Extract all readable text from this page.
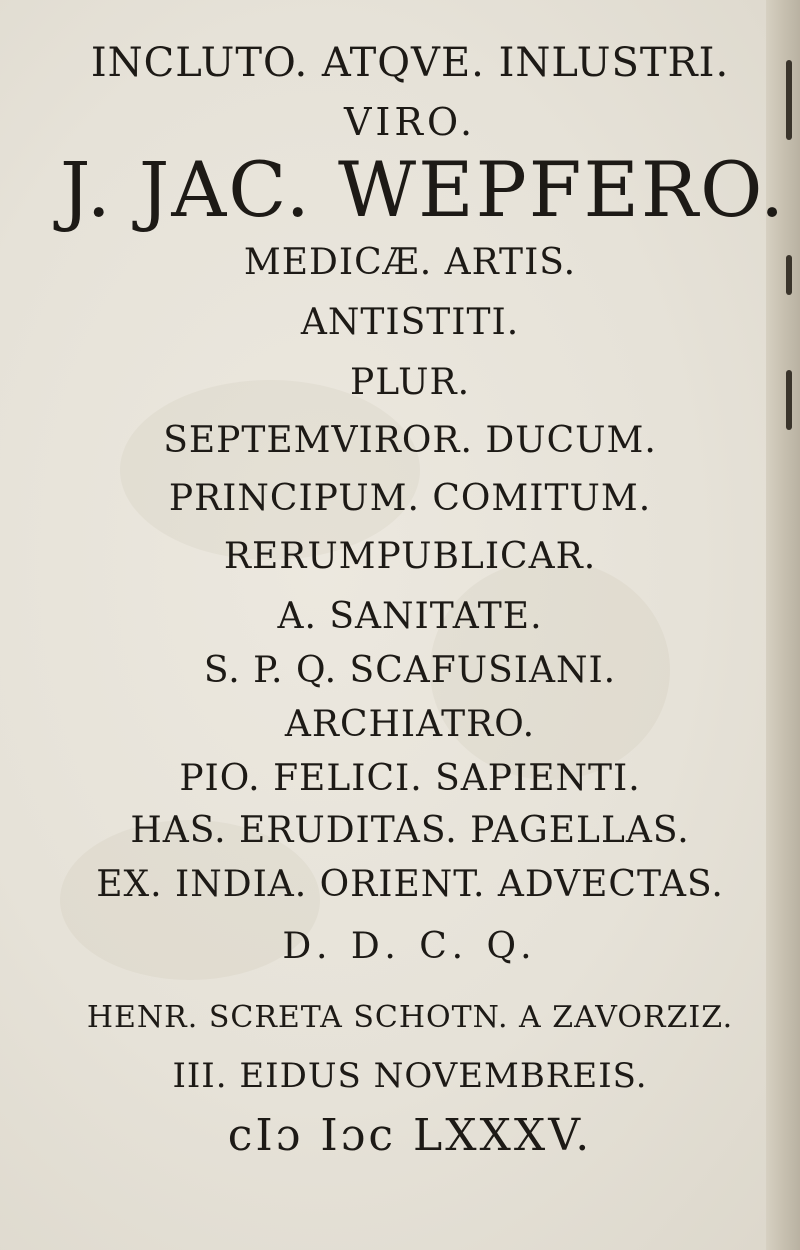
INCLUTO. ATQVE. INLUSTRI.
VIRO.
J. JAC. WEPFERO.
MEDICÆ. ARTIS.
ANTISTITI.
PLUR.
SEPTEMVIROR. DUCUM.
PRINCIPUM. COMITUM.
RERUMPUBLICAR.
A. SANITATE.
S. P. Q. SCAFUSIANI.
ARCHIATRO.
PIO. FELICI. SAPIENTI.
HAS. ERUDITAS. PAGELLAS.
EX. INDIA. ORIENT. ADVECTAS.
D. D. C. Q.
HENR. SCRETA SCHOTN. A ZAVORZIZ.
III. EIDUS NOVEMBREIS.
cIɔ Iɔc LXXXV.
